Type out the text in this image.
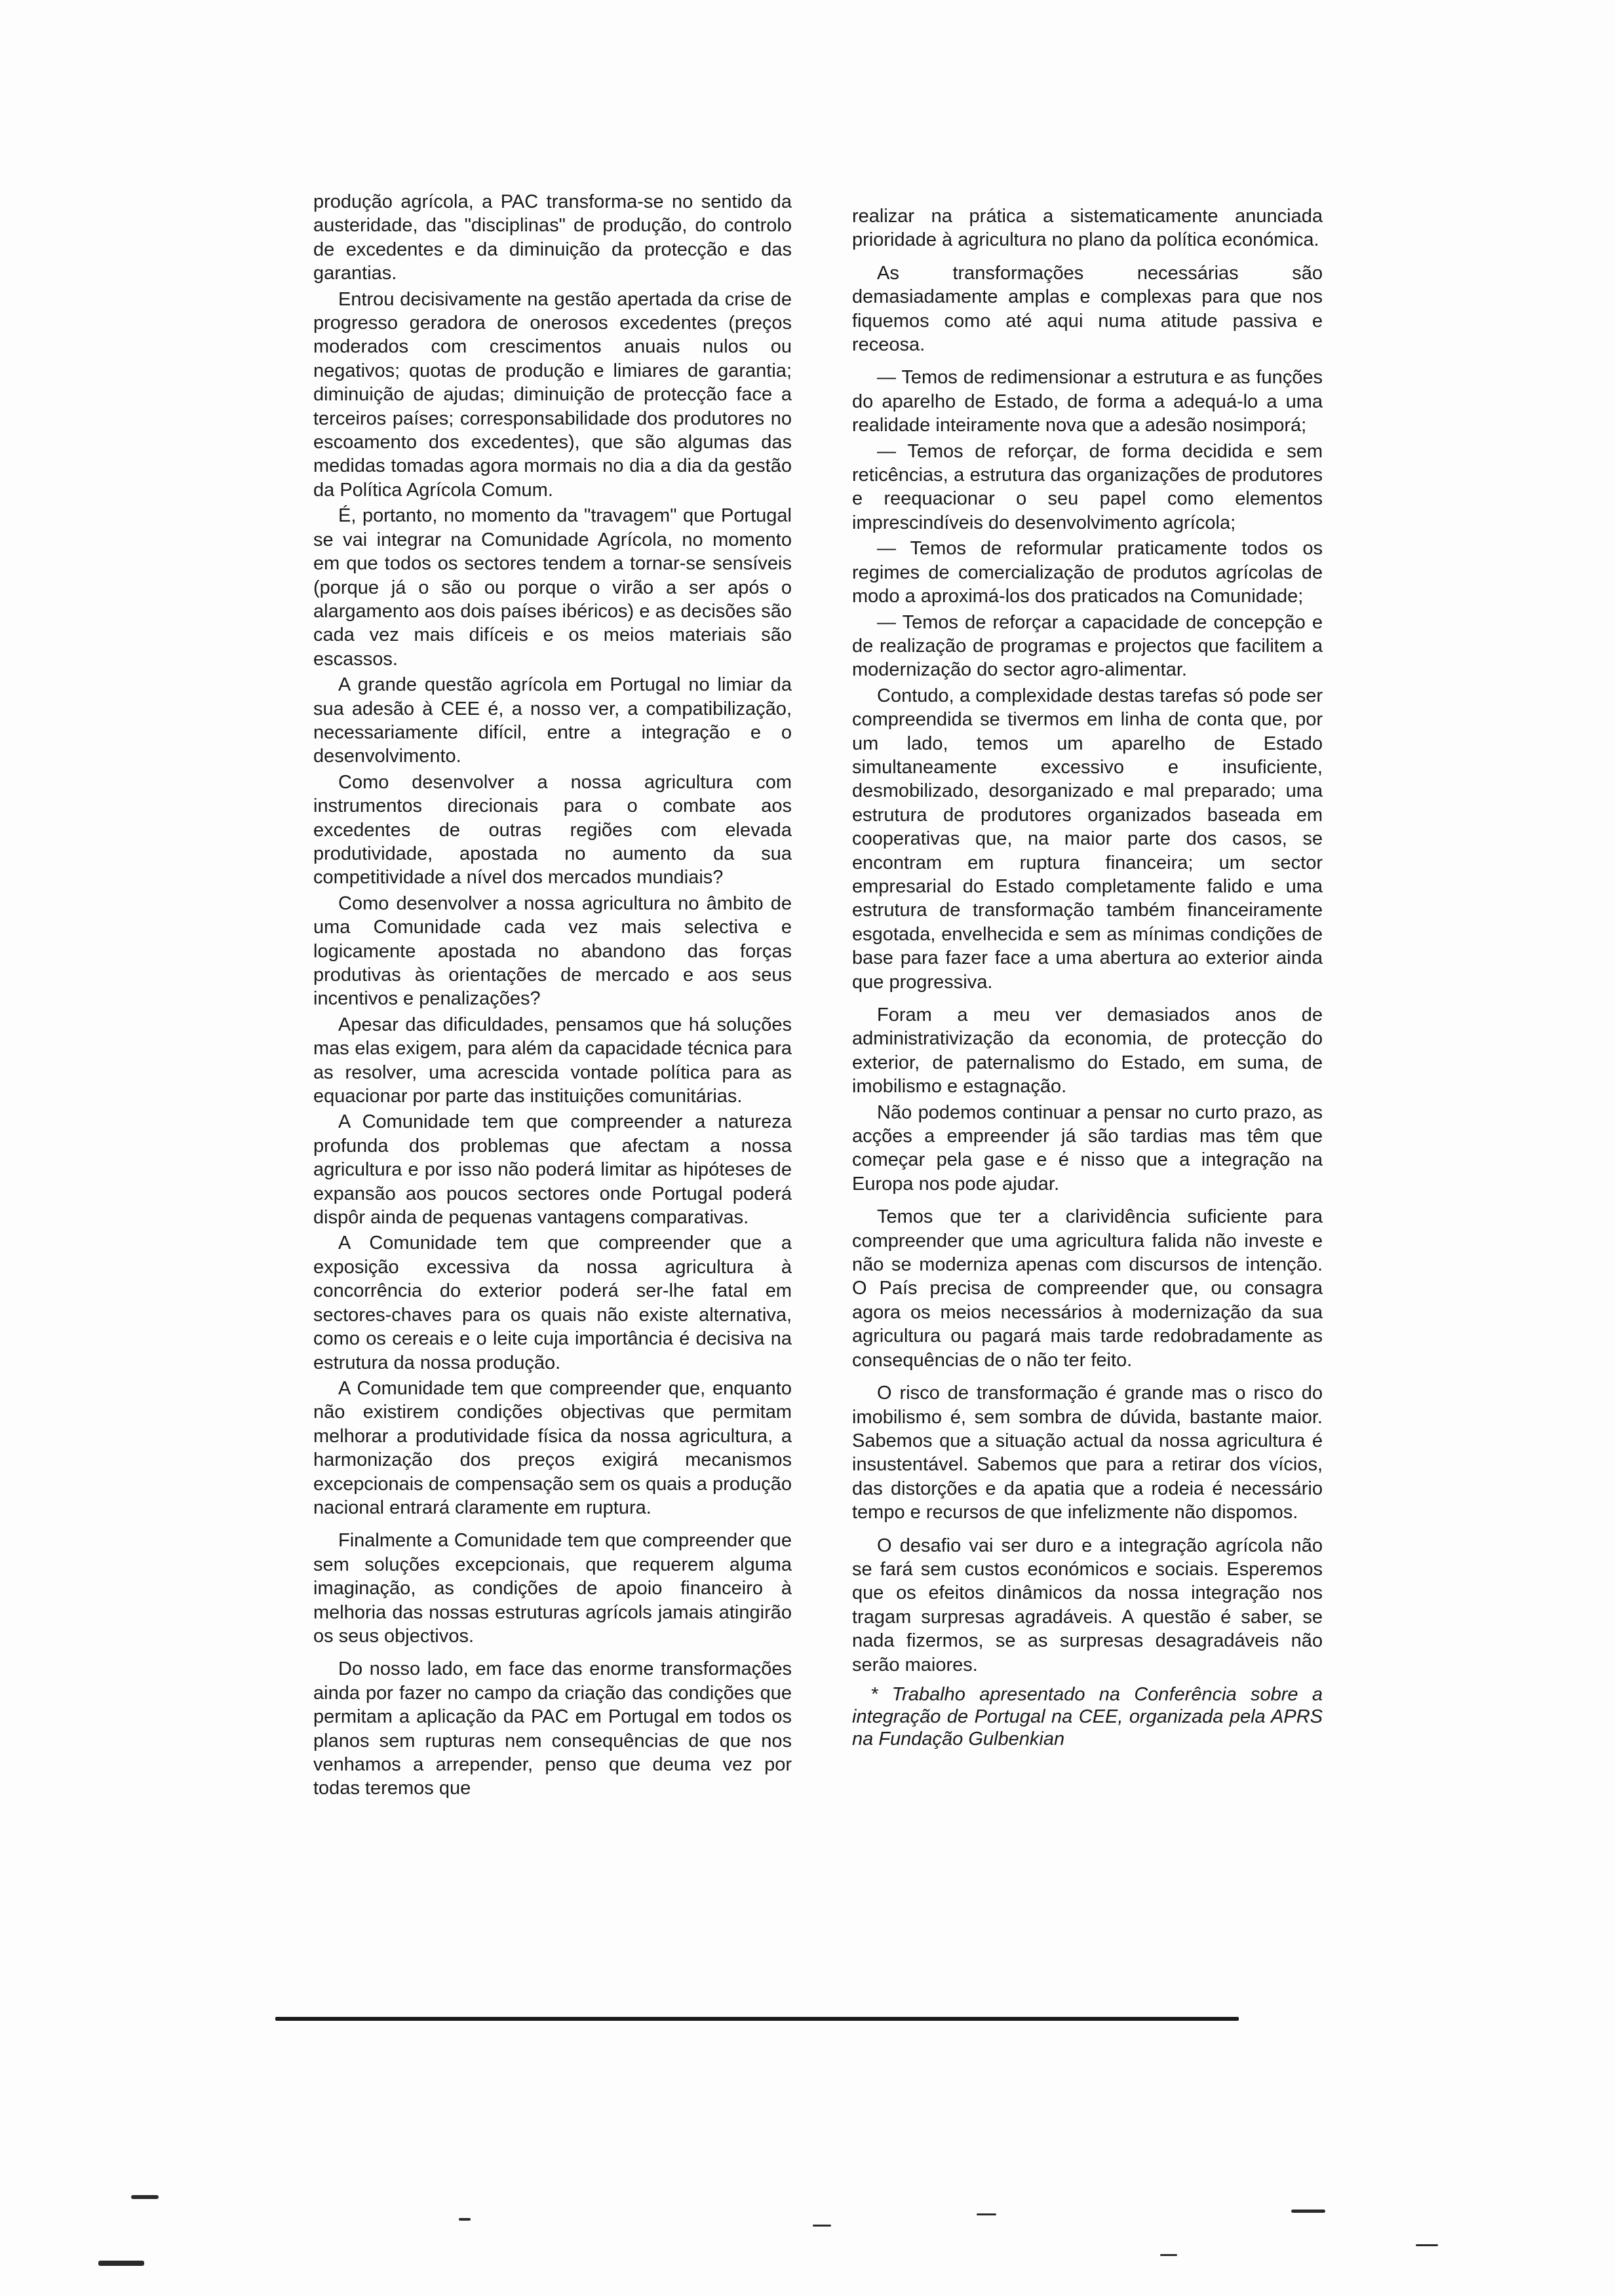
produção agrícola, a PAC transforma-se no sentido da austeridade, das "disciplinas" de produção, do controlo de excedentes e da diminuição da protecção e das garantias.

Entrou decisivamente na gestão apertada da crise de progresso geradora de onerosos excedentes (preços moderados com crescimentos anuais nulos ou negativos; quotas de produção e limiares de garantia; diminuição de ajudas; diminuição de protecção face a terceiros países; corresponsabilidade dos produtores no escoamento dos excedentes), que são algumas das medidas tomadas agora mormais no dia a dia da gestão da Política Agrícola Comum.

É, portanto, no momento da "travagem" que Portugal se vai integrar na Comunidade Agrícola, no momento em que todos os sectores tendem a tornar-se sensíveis (porque já o são ou porque o virão a ser após o alargamento aos dois países ibéricos) e as decisões são cada vez mais difíceis e os meios materiais são escassos.

A grande questão agrícola em Portugal no limiar da sua adesão à CEE é, a nosso ver, a compatibilização, necessariamente difícil, entre a integração e o desenvolvimento.

Como desenvolver a nossa agricultura com instrumentos direcionais para o combate aos excedentes de outras regiões com elevada produtividade, apostada no aumento da sua competitividade a nível dos mercados mundiais?

Como desenvolver a nossa agricultura no âmbito de uma Comunidade cada vez mais selectiva e logicamente apostada no abandono das forças produtivas às orientações de mercado e aos seus incentivos e penalizações?

Apesar das dificuldades, pensamos que há soluções mas elas exigem, para além da capacidade técnica para as resolver, uma acrescida vontade política para as equacionar por parte das instituições comunitárias.

A Comunidade tem que compreender a natureza profunda dos problemas que afectam a nossa agricultura e por isso não poderá limitar as hipóteses de expansão aos poucos sectores onde Portugal poderá dispôr ainda de pequenas vantagens comparativas.

A Comunidade tem que compreender que a exposição excessiva da nossa agricultura à concorrência do exterior poderá ser-lhe fatal em sectores-chaves para os quais não existe alternativa, como os cereais e o leite cuja importância é decisiva na estrutura da nossa produção.

A Comunidade tem que compreender que, enquanto não existirem condições objectivas que permitam melhorar a produtividade física da nossa agricultura, a harmonização dos preços exigirá mecanismos excepcionais de compensação sem os quais a produção nacional entrará claramente em ruptura.

Finalmente a Comunidade tem que compreender que sem soluções excepcionais, que requerem alguma imaginação, as condições de apoio financeiro à melhoria das nossas estruturas agrícols jamais atingirão os seus objectivos.

Do nosso lado, em face das enorme transformações ainda por fazer no campo da criação das condições que permitam a aplicação da PAC em Portugal em todos os planos sem rupturas nem consequências de que nos venhamos a arrepender, penso que deuma vez por todas teremos que

realizar na prática a sistematicamente anunciada prioridade à agricultura no plano da política económica.

As transformações necessárias são demasiadamente amplas e complexas para que nos fiquemos como até aqui numa atitude passiva e receosa.

— Temos de redimensionar a estrutura e as funções do aparelho de Estado, de forma a adequá-lo a uma realidade inteiramente nova que a adesão nosimporá;

— Temos de reforçar, de forma decidida e sem reticências, a estrutura das organizações de produtores e reequacionar o seu papel como elementos imprescindíveis do desenvolvimento agrícola;

— Temos de reformular praticamente todos os regimes de comercialização de produtos agrícolas de modo a aproximá-los dos praticados na Comunidade;

— Temos de reforçar a capacidade de concepção e de realização de programas e projectos que facilitem a modernização do sector agro-alimentar.

Contudo, a complexidade destas tarefas só pode ser compreendida se tivermos em linha de conta que, por um lado, temos um aparelho de Estado simultaneamente excessivo e insuficiente, desmobilizado, desorganizado e mal preparado; uma estrutura de produtores organizados baseada em cooperativas que, na maior parte dos casos, se encontram em ruptura financeira; um sector empresarial do Estado completamente falido e uma estrutura de transformação também financeiramente esgotada, envelhecida e sem as mínimas condições de base para fazer face a uma abertura ao exterior ainda que progressiva.

Foram a meu ver demasiados anos de administrativização da economia, de protecção do exterior, de paternalismo do Estado, em suma, de imobilismo e estagnação.

Não podemos continuar a pensar no curto prazo, as acções a empreender já são tardias mas têm que começar pela gase e é nisso que a integração na Europa nos pode ajudar.

Temos que ter a clarividência suficiente para compreender que uma agricultura falida não investe e não se moderniza apenas com discursos de intenção. O País precisa de compreender que, ou consagra agora os meios necessários à modernização da sua agricultura ou pagará mais tarde redobradamente as consequências de o não ter feito.

O risco de transformação é grande mas o risco do imobilismo é, sem sombra de dúvida, bastante maior. Sabemos que a situação actual da nossa agricultura é insustentável. Sabemos que para a retirar dos vícios, das distorções e da apatia que a rodeia é necessário tempo e recursos de que infelizmente não dispomos.

O desafio vai ser duro e a integração agrícola não se fará sem custos económicos e sociais. Esperemos que os efeitos dinâmicos da nossa integração nos tragam surpresas agradáveis. A questão é saber, se nada fizermos, se as surpresas desagradáveis não serão maiores.

* Trabalho apresentado na Conferência sobre a integração de Portugal na CEE, organizada pela APRS na Fundação Gulbenkian
